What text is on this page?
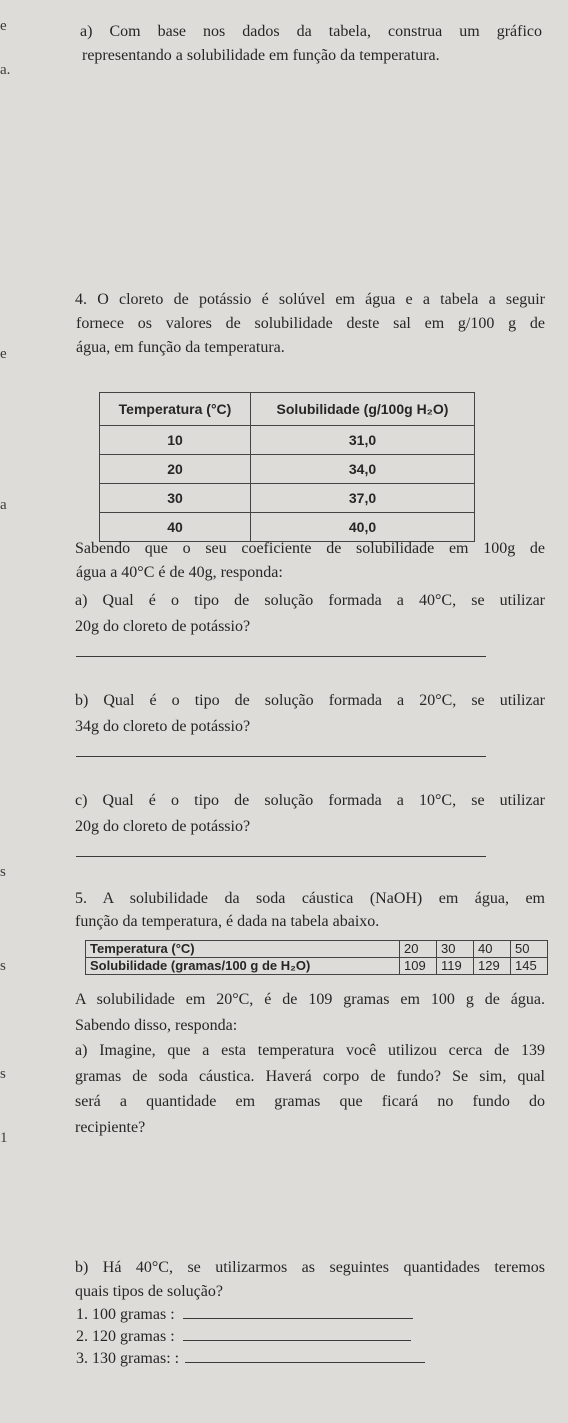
e
a.
e
a
s
s
s
1
a) Com base nos dados da tabela, construa um gráfico
representando a solubilidade em função da temperatura.
4. O cloreto de potássio é solúvel em água e a tabela a seguir
fornece os valores de solubilidade deste sal em g/100 g de
água, em função da temperatura.
Temperatura (°C)	Solubilidade (g/100g H₂O)
10	31,0
20	34,0
30	37,0
40	40,0
Sabendo que o seu coeficiente de solubilidade em 100g de
água a 40°C é de 40g, responda:
a) Qual é o tipo de solução formada a 40°C, se utilizar
20g do cloreto de potássio?
b) Qual é o tipo de solução formada a 20°C, se utilizar
34g do cloreto de potássio?
c) Qual é o tipo de solução formada a 10°C, se utilizar
20g do cloreto de potássio?
5. A solubilidade da soda cáustica (NaOH) em água, em
função da temperatura, é dada na tabela abaixo.
Temperatura (°C)	20	30	40	50
Solubilidade (gramas/100 g de H₂O)	109	119	129	145
A solubilidade em 20°C, é de 109 gramas em 100 g de água.
Sabendo disso, responda:
a) Imagine, que a esta temperatura você utilizou cerca de 139
gramas de soda cáustica. Haverá corpo de fundo? Se sim, qual
será a quantidade em gramas que ficará no fundo do
recipiente?
b) Há 40°C, se utilizarmos as seguintes quantidades teremos
quais tipos de solução?
1. 100 gramas :
2. 120 gramas :
3. 130 gramas: :
